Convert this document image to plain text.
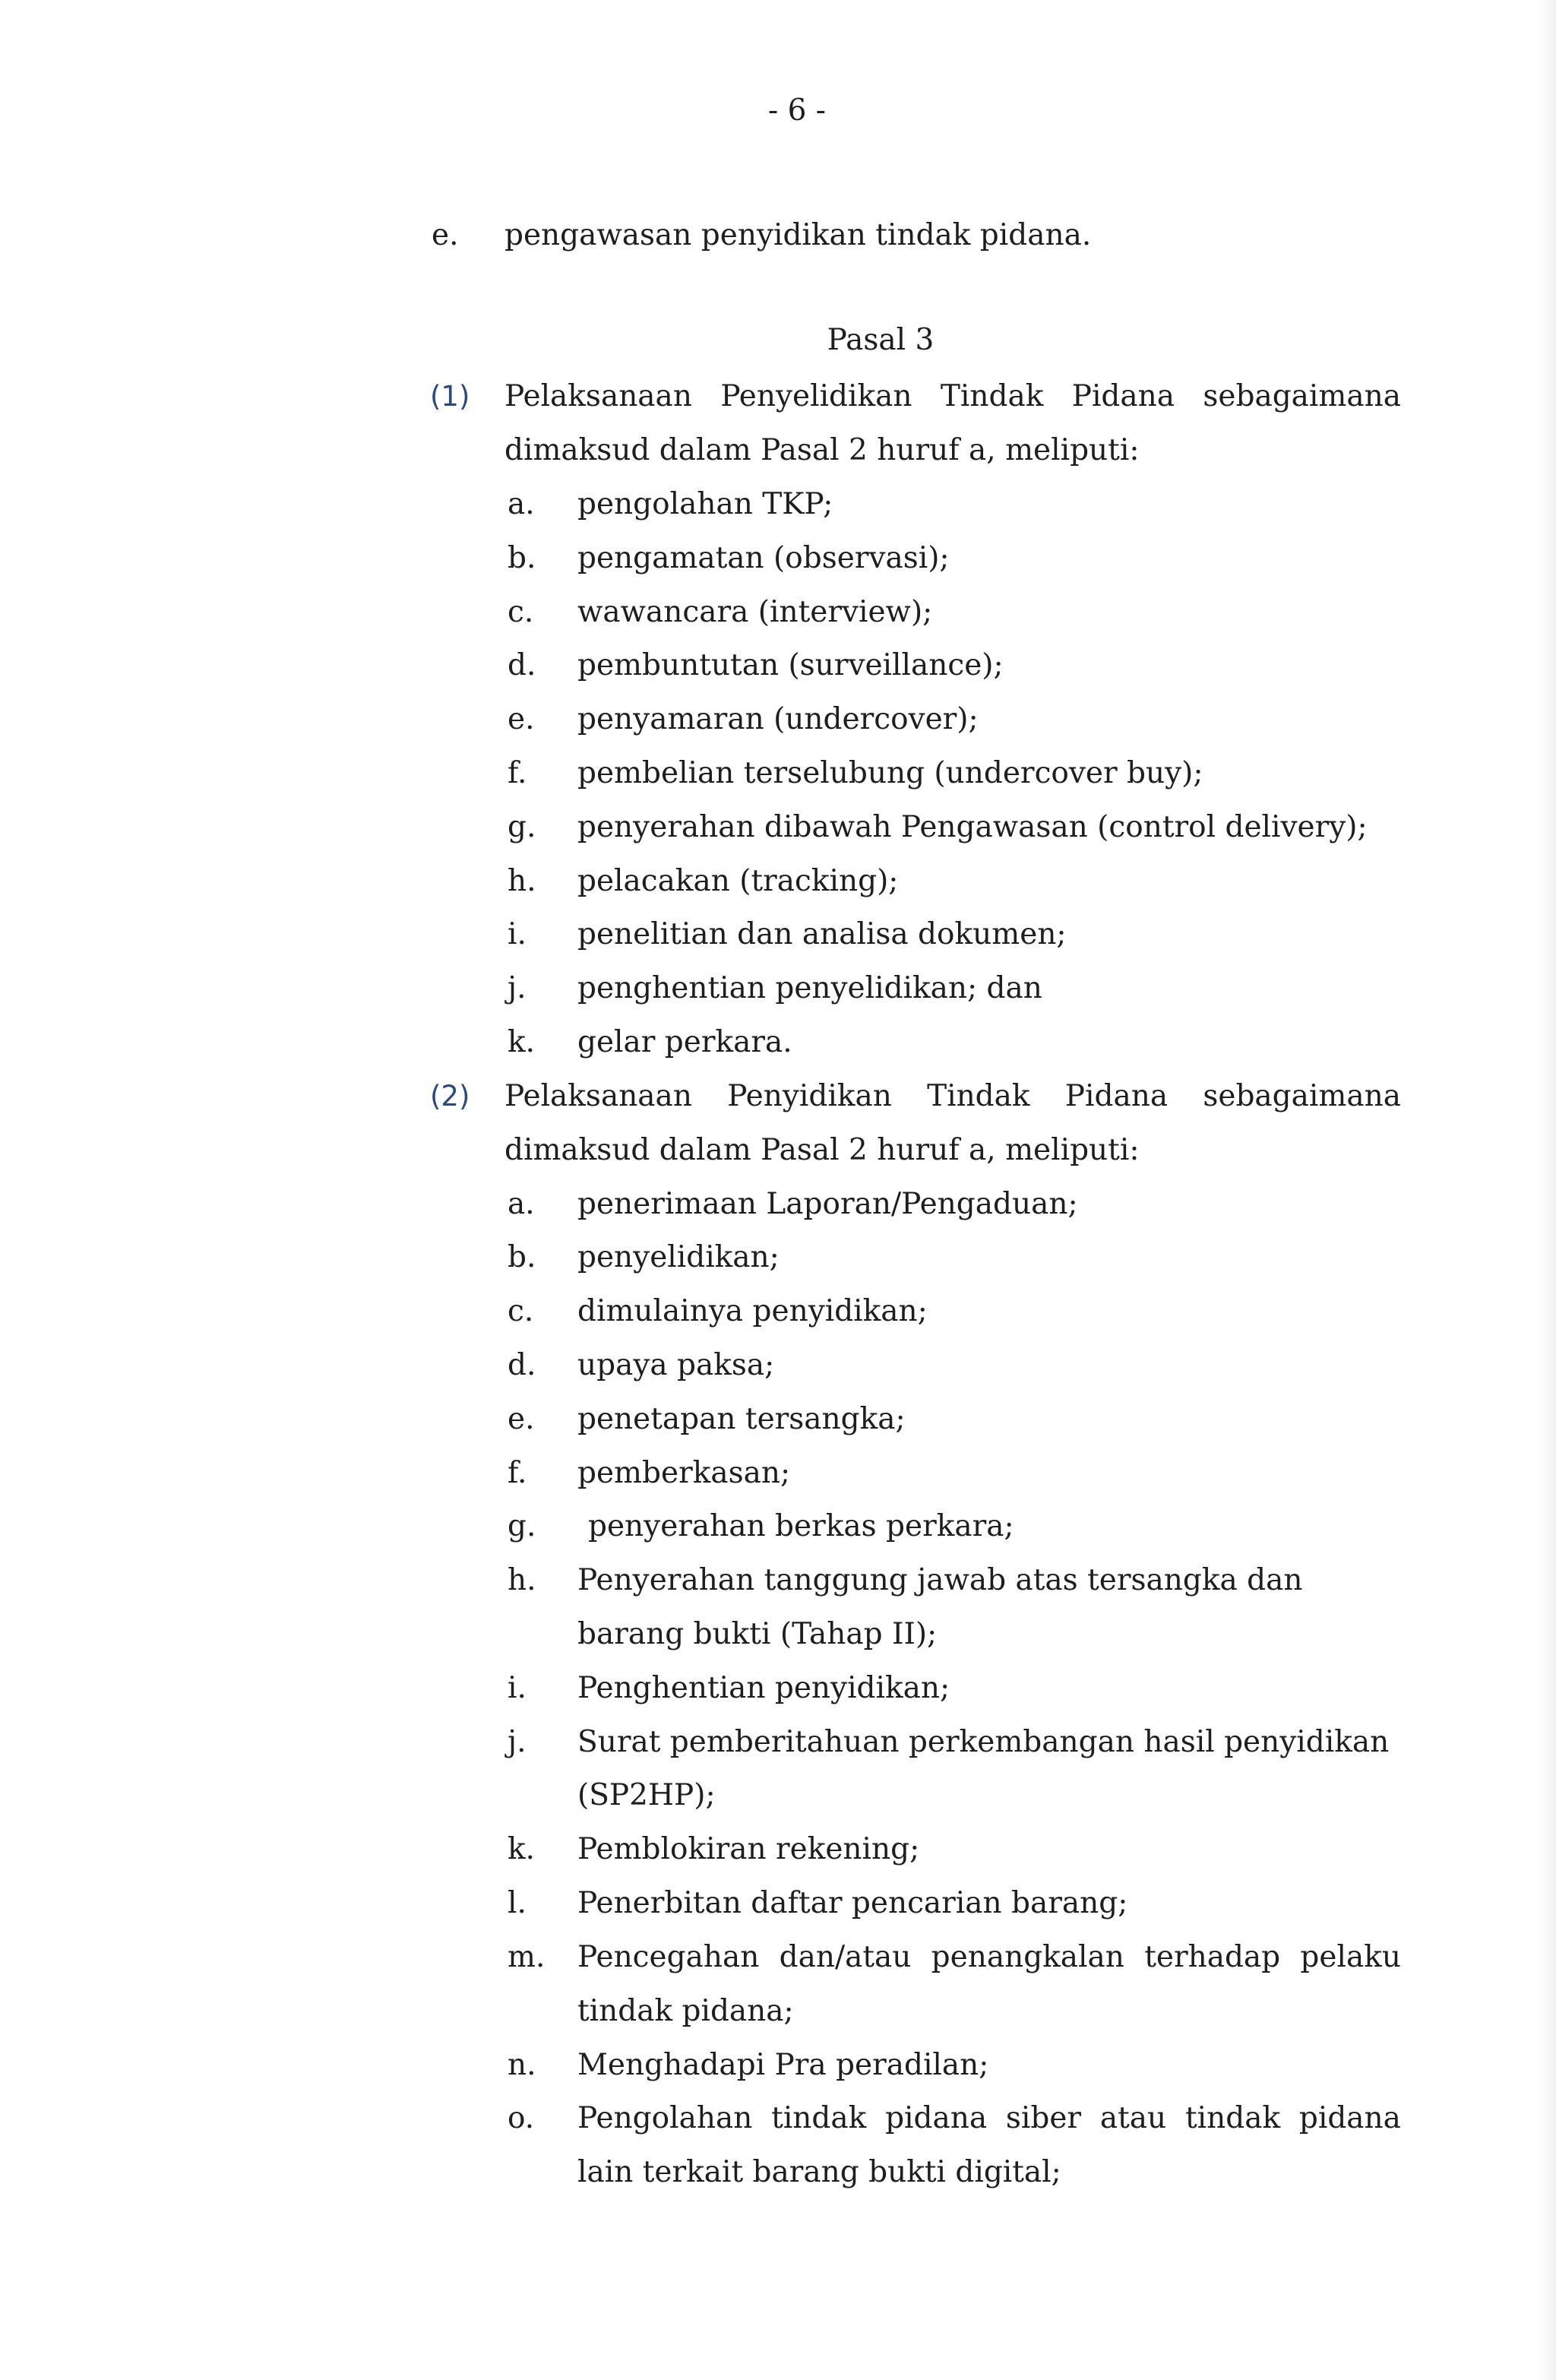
- 6 -
e. pengawasan penyidikan tindak pidana.
Pasal 3
(1) Pelaksanaan Penyelidikan Tindak Pidana sebagaimana
dimaksud dalam Pasal 2 huruf a, meliputi:
a. pengolahan TKP;
b. pengamatan (observasi);
c. wawancara (interview);
d. pembuntutan (surveillance);
e. penyamaran (undercover);
f. pembelian terselubung (undercover buy);
g. penyerahan dibawah Pengawasan (control delivery);
h. pelacakan (tracking);
i. penelitian dan analisa dokumen;
j. penghentian penyelidikan; dan
k. gelar perkara.
(2) Pelaksanaan Penyidikan Tindak Pidana sebagaimana
dimaksud dalam Pasal 2 huruf a, meliputi:
a. penerimaan Laporan/Pengaduan;
b. penyelidikan;
c. dimulainya penyidikan;
d. upaya paksa;
e. penetapan tersangka;
f. pemberkasan;
g. penyerahan berkas perkara;
h. Penyerahan tanggung jawab atas tersangka dan
barang bukti (Tahap II);
i. Penghentian penyidikan;
j. Surat pemberitahuan perkembangan hasil penyidikan
(SP2HP);
k. Pemblokiran rekening;
l. Penerbitan daftar pencarian barang;
m. Pencegahan dan/atau penangkalan terhadap pelaku
tindak pidana;
n. Menghadapi Pra peradilan;
o. Pengolahan tindak pidana siber atau tindak pidana
lain terkait barang bukti digital;
